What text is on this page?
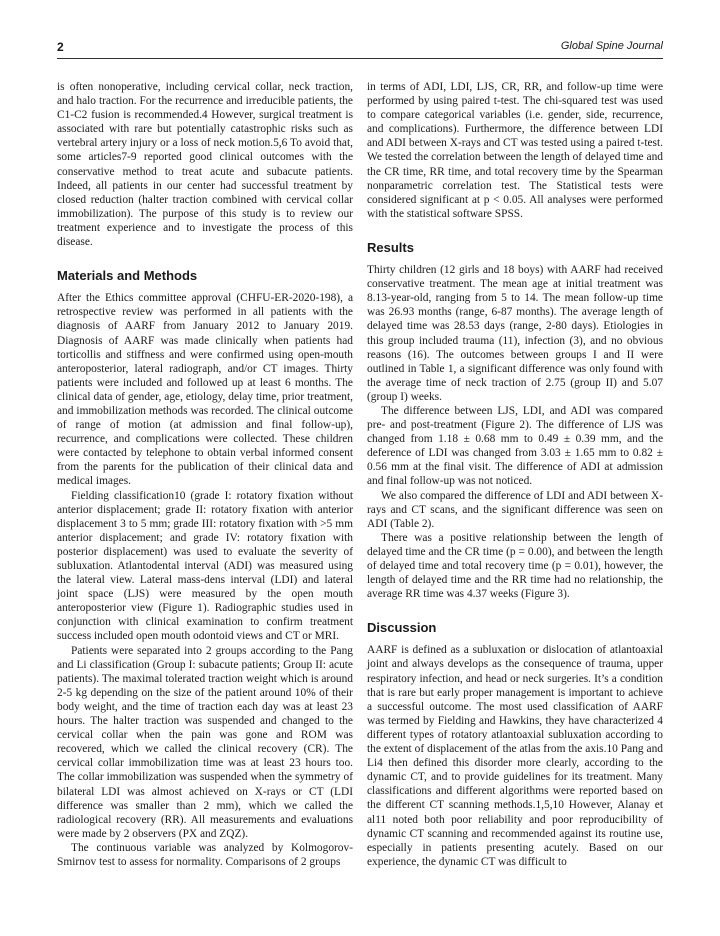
2	Global Spine Journal

is often nonoperative, including cervical collar, neck traction, and halo traction. For the recurrence and irreducible patients, the C1-C2 fusion is recommended.4 However, surgical treatment is associated with rare but potentially catastrophic risks such as vertebral artery injury or a loss of neck motion.5,6 To avoid that, some articles7-9 reported good clinical outcomes with the conservative method to treat acute and subacute patients. Indeed, all patients in our center had successful treatment by closed reduction (halter traction combined with cervical collar immobilization). The purpose of this study is to review our treatment experience and to investigate the process of this disease.

Materials and Methods

After the Ethics committee approval (CHFU-ER-2020-198), a retrospective review was performed in all patients with the diagnosis of AARF from January 2012 to January 2019. Diagnosis of AARF was made clinically when patients had torticollis and stiffness and were confirmed using open-mouth anteroposterior, lateral radiograph, and/or CT images. Thirty patients were included and followed up at least 6 months. The clinical data of gender, age, etiology, delay time, prior treatment, and immobilization methods was recorded. The clinical outcome of range of motion (at admission and final follow-up), recurrence, and complications were collected. These children were contacted by telephone to obtain verbal informed consent from the parents for the publication of their clinical data and medical images.

Fielding classification10 (grade I: rotatory fixation without anterior displacement; grade II: rotatory fixation with anterior displacement 3 to 5 mm; grade III: rotatory fixation with >5 mm anterior displacement; and grade IV: rotatory fixation with posterior displacement) was used to evaluate the severity of subluxation. Atlantodental interval (ADI) was measured using the lateral view. Lateral mass-dens interval (LDI) and lateral joint space (LJS) were measured by the open mouth anteroposterior view (Figure 1). Radiographic studies used in conjunction with clinical examination to confirm treatment success included open mouth odontoid views and CT or MRI.

Patients were separated into 2 groups according to the Pang and Li classification (Group I: subacute patients; Group II: acute patients). The maximal tolerated traction weight which is around 2-5 kg depending on the size of the patient around 10% of their body weight, and the time of traction each day was at least 23 hours. The halter traction was suspended and changed to the cervical collar when the pain was gone and ROM was recovered, which we called the clinical recovery (CR). The cervical collar immobilization time was at least 23 hours too. The collar immobilization was suspended when the symmetry of bilateral LDI was almost achieved on X-rays or CT (LDI difference was smaller than 2 mm), which we called the radiological recovery (RR). All measurements and evaluations were made by 2 observers (PX and ZQZ).

The continuous variable was analyzed by Kolmogorov-Smirnov test to assess for normality. Comparisons of 2 groups

in terms of ADI, LDI, LJS, CR, RR, and follow-up time were performed by using paired t-test. The chi-squared test was used to compare categorical variables (i.e. gender, side, recurrence, and complications). Furthermore, the difference between LDI and ADI between X-rays and CT was tested using a paired t-test. We tested the correlation between the length of delayed time and the CR time, RR time, and total recovery time by the Spearman nonparametric correlation test. The Statistical tests were considered significant at p < 0.05. All analyses were performed with the statistical software SPSS.

Results

Thirty children (12 girls and 18 boys) with AARF had received conservative treatment. The mean age at initial treatment was 8.13-year-old, ranging from 5 to 14. The mean follow-up time was 26.93 months (range, 6-87 months). The average length of delayed time was 28.53 days (range, 2-80 days). Etiologies in this group included trauma (11), infection (3), and no obvious reasons (16). The outcomes between groups I and II were outlined in Table 1, a significant difference was only found with the average time of neck traction of 2.75 (group II) and 5.07 (group I) weeks.

The difference between LJS, LDI, and ADI was compared pre- and post-treatment (Figure 2). The difference of LJS was changed from 1.18 ± 0.68 mm to 0.49 ± 0.39 mm, and the deference of LDI was changed from 3.03 ± 1.65 mm to 0.82 ± 0.56 mm at the final visit. The difference of ADI at admission and final follow-up was not noticed.

We also compared the difference of LDI and ADI between X-rays and CT scans, and the significant difference was seen on ADI (Table 2).

There was a positive relationship between the length of delayed time and the CR time (p = 0.00), and between the length of delayed time and total recovery time (p = 0.01), however, the length of delayed time and the RR time had no relationship, the average RR time was 4.37 weeks (Figure 3).

Discussion

AARF is defined as a subluxation or dislocation of atlantoaxial joint and always develops as the consequence of trauma, upper respiratory infection, and head or neck surgeries. It’s a condition that is rare but early proper management is important to achieve a successful outcome. The most used classification of AARF was termed by Fielding and Hawkins, they have characterized 4 different types of rotatory atlantoaxial subluxation according to the extent of displacement of the atlas from the axis.10 Pang and Li4 then defined this disorder more clearly, according to the dynamic CT, and to provide guidelines for its treatment. Many classifications and different algorithms were reported based on the different CT scanning methods.1,5,10 However, Alanay et al11 noted both poor reliability and poor reproducibility of dynamic CT scanning and recommended against its routine use, especially in patients presenting acutely. Based on our experience, the dynamic CT was difficult to
